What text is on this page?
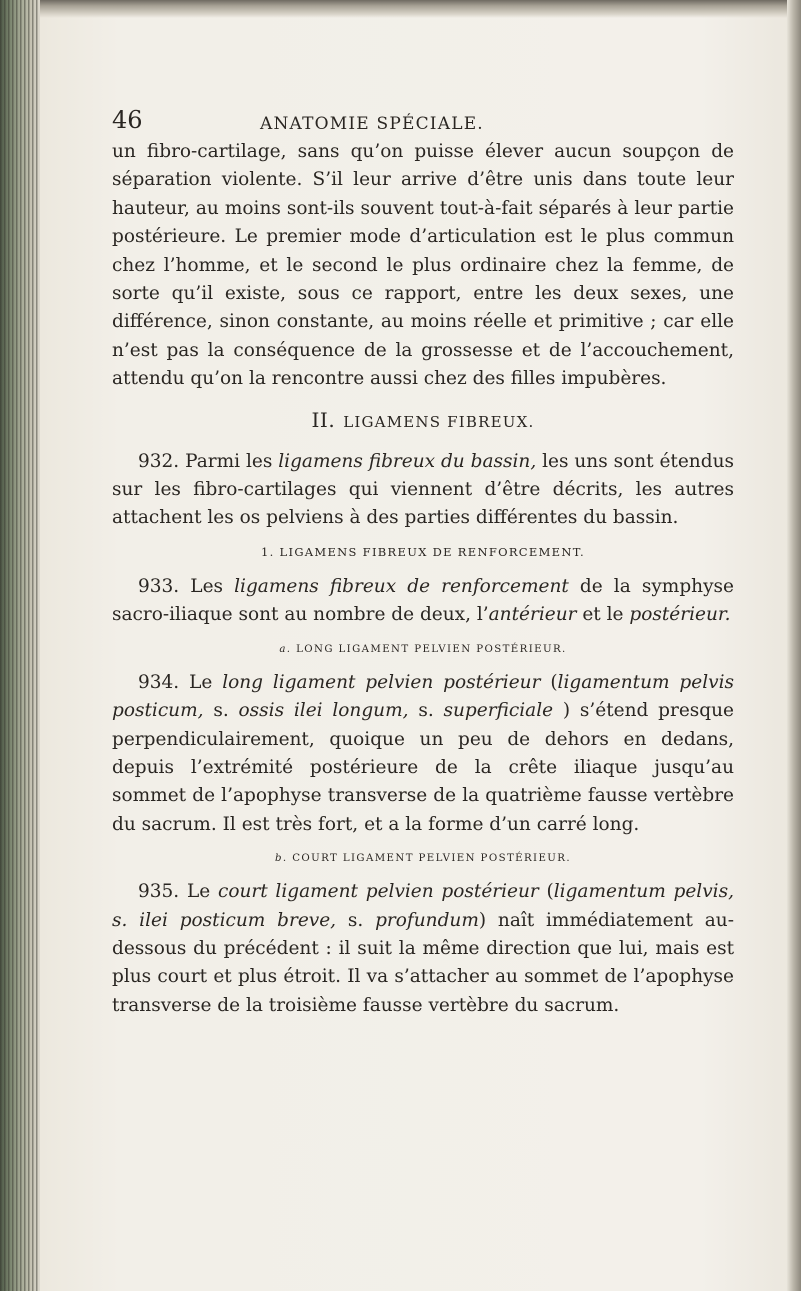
46	ANATOMIE SPÉCIALE.

un fibro-cartilage, sans qu’on puisse élever aucun soupçon de séparation violente. S’il leur arrive d’être unis dans toute leur hauteur, au moins sont-ils souvent tout-à-fait séparés à leur partie postérieure. Le premier mode d’articulation est le plus commun chez l’homme, et le second le plus ordinaire chez la femme, de sorte qu’il existe, sous ce rapport, entre les deux sexes, une différence, sinon constante, au moins réelle et primitive ; car elle n’est pas la conséquence de la grossesse et de l’accouchement, attendu qu’on la rencontre aussi chez des filles impubères.

II. LIGAMENS FIBREUX.

932. Parmi les ligamens fibreux du bassin, les uns sont étendus sur les fibro-cartilages qui viennent d’être décrits, les autres attachent les os pelviens à des parties différentes du bassin.

1. LIGAMENS FIBREUX DE RENFORCEMENT.

933. Les ligamens fibreux de renforcement de la symphyse sacro-iliaque sont au nombre de deux, l’antérieur et le postérieur.

a. LONG LIGAMENT PELVIEN POSTÉRIEUR.

934. Le long ligament pelvien postérieur (ligamentum pelvis posticum, s. ossis ilei longum, s. superficiale ) s’étend presque perpendiculairement, quoique un peu de dehors en dedans, depuis l’extrémité postérieure de la crête iliaque jusqu’au sommet de l’apophyse transverse de la quatrième fausse vertèbre du sacrum. Il est très fort, et a la forme d’un carré long.

b. COURT LIGAMENT PELVIEN POSTÉRIEUR.

935. Le court ligament pelvien postérieur (ligamentum pelvis, s. ilei posticum breve, s. profundum) naît immédiatement au-dessous du précédent : il suit la même direction que lui, mais est plus court et plus étroit. Il va s’attacher au sommet de l’apophyse transverse de la troisième fausse vertèbre du sacrum.
